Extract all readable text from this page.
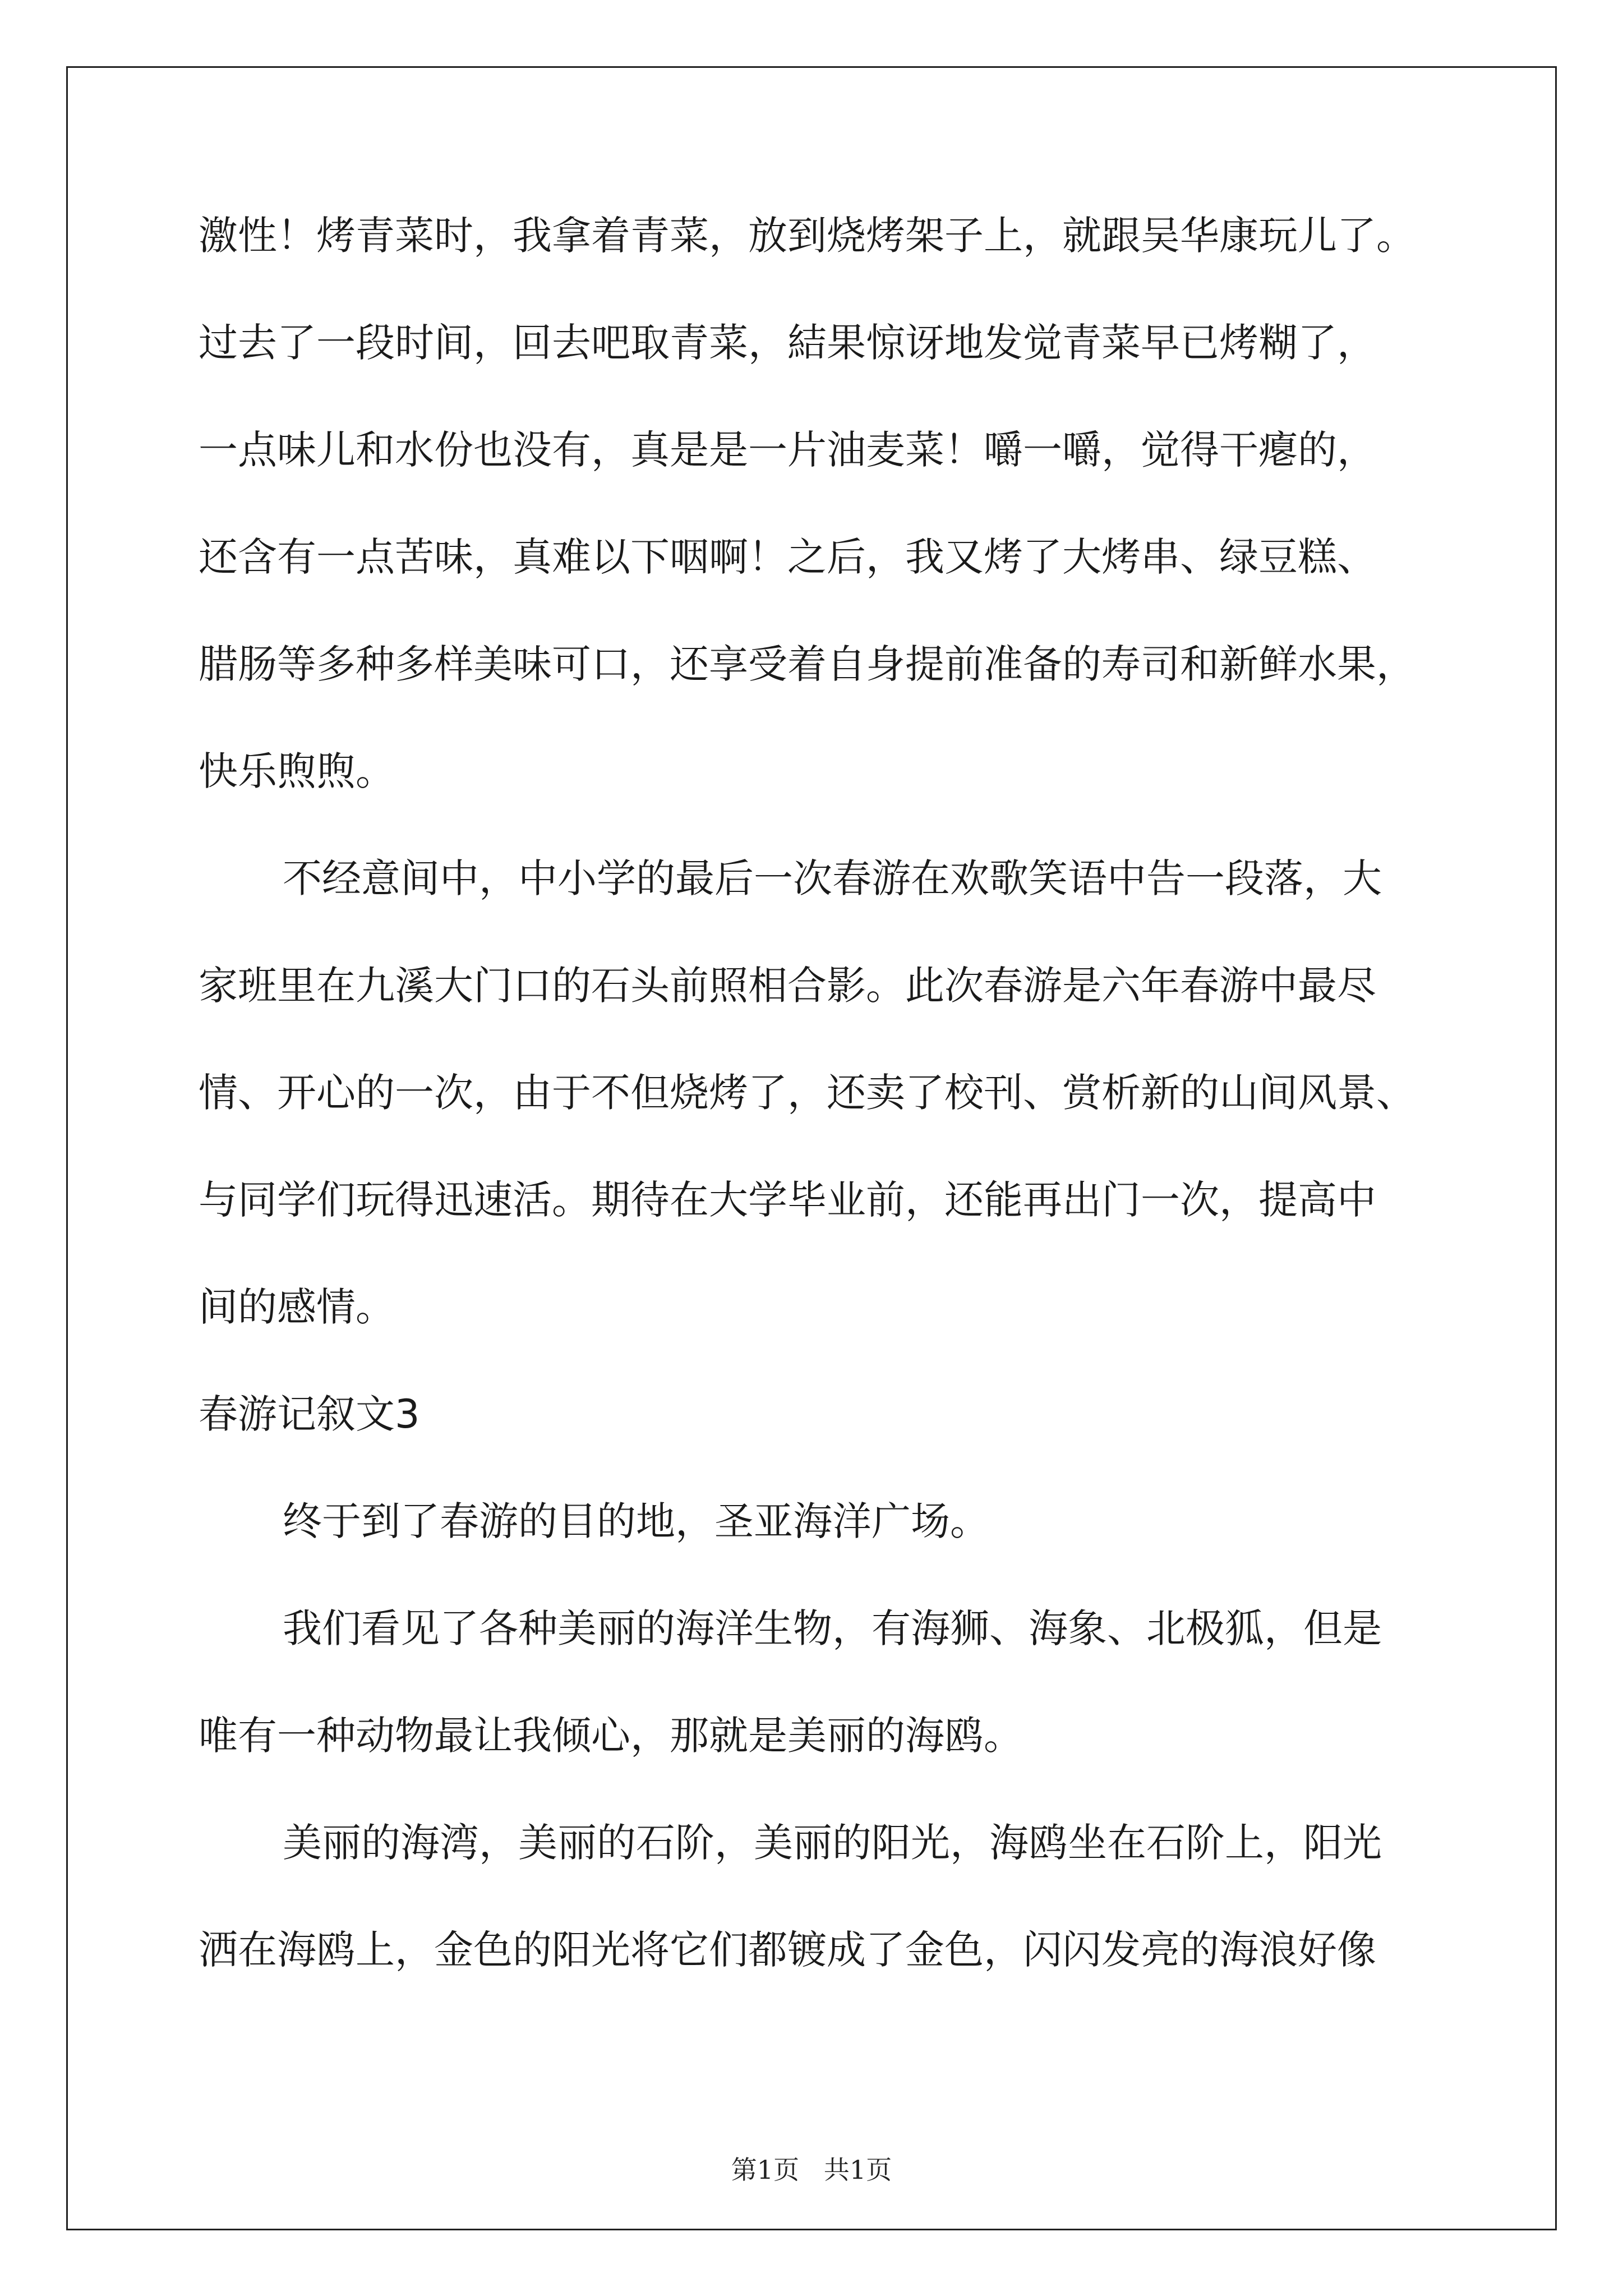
激性！烤青菜时，我拿着青菜，放到烧烤架子上，就跟吴华康玩儿了。
过去了一段时间，回去吧取青菜，結果惊讶地发觉青菜早已烤糊了，
一点味儿和水份也没有，真是是一片油麦菜！嚼一嚼，觉得干瘪的，
还含有一点苦味，真难以下咽啊！之后，我又烤了大烤串、绿豆糕、
腊肠等多种多样美味可口，还享受着自身提前准备的寿司和新鲜水果，
快乐煦煦。
不经意间中，中小学的最后一次春游在欢歌笑语中告一段落，大
家班里在九溪大门口的石头前照相合影。此次春游是六年春游中最尽
情、开心的一次，由于不但烧烤了，还卖了校刊、赏析新的山间风景、
与同学们玩得迅速活。期待在大学毕业前，还能再出门一次，提高中
间的感情。
春游记叙文3
终于到了春游的目的地，圣亚海洋广场。
我们看见了各种美丽的海洋生物，有海狮、海象、北极狐，但是
唯有一种动物最让我倾心，那就是美丽的海鸥。
美丽的海湾，美丽的石阶，美丽的阳光，海鸥坐在石阶上，阳光
洒在海鸥上，金色的阳光将它们都镀成了金色，闪闪发亮的海浪好像
第1页   共1页
